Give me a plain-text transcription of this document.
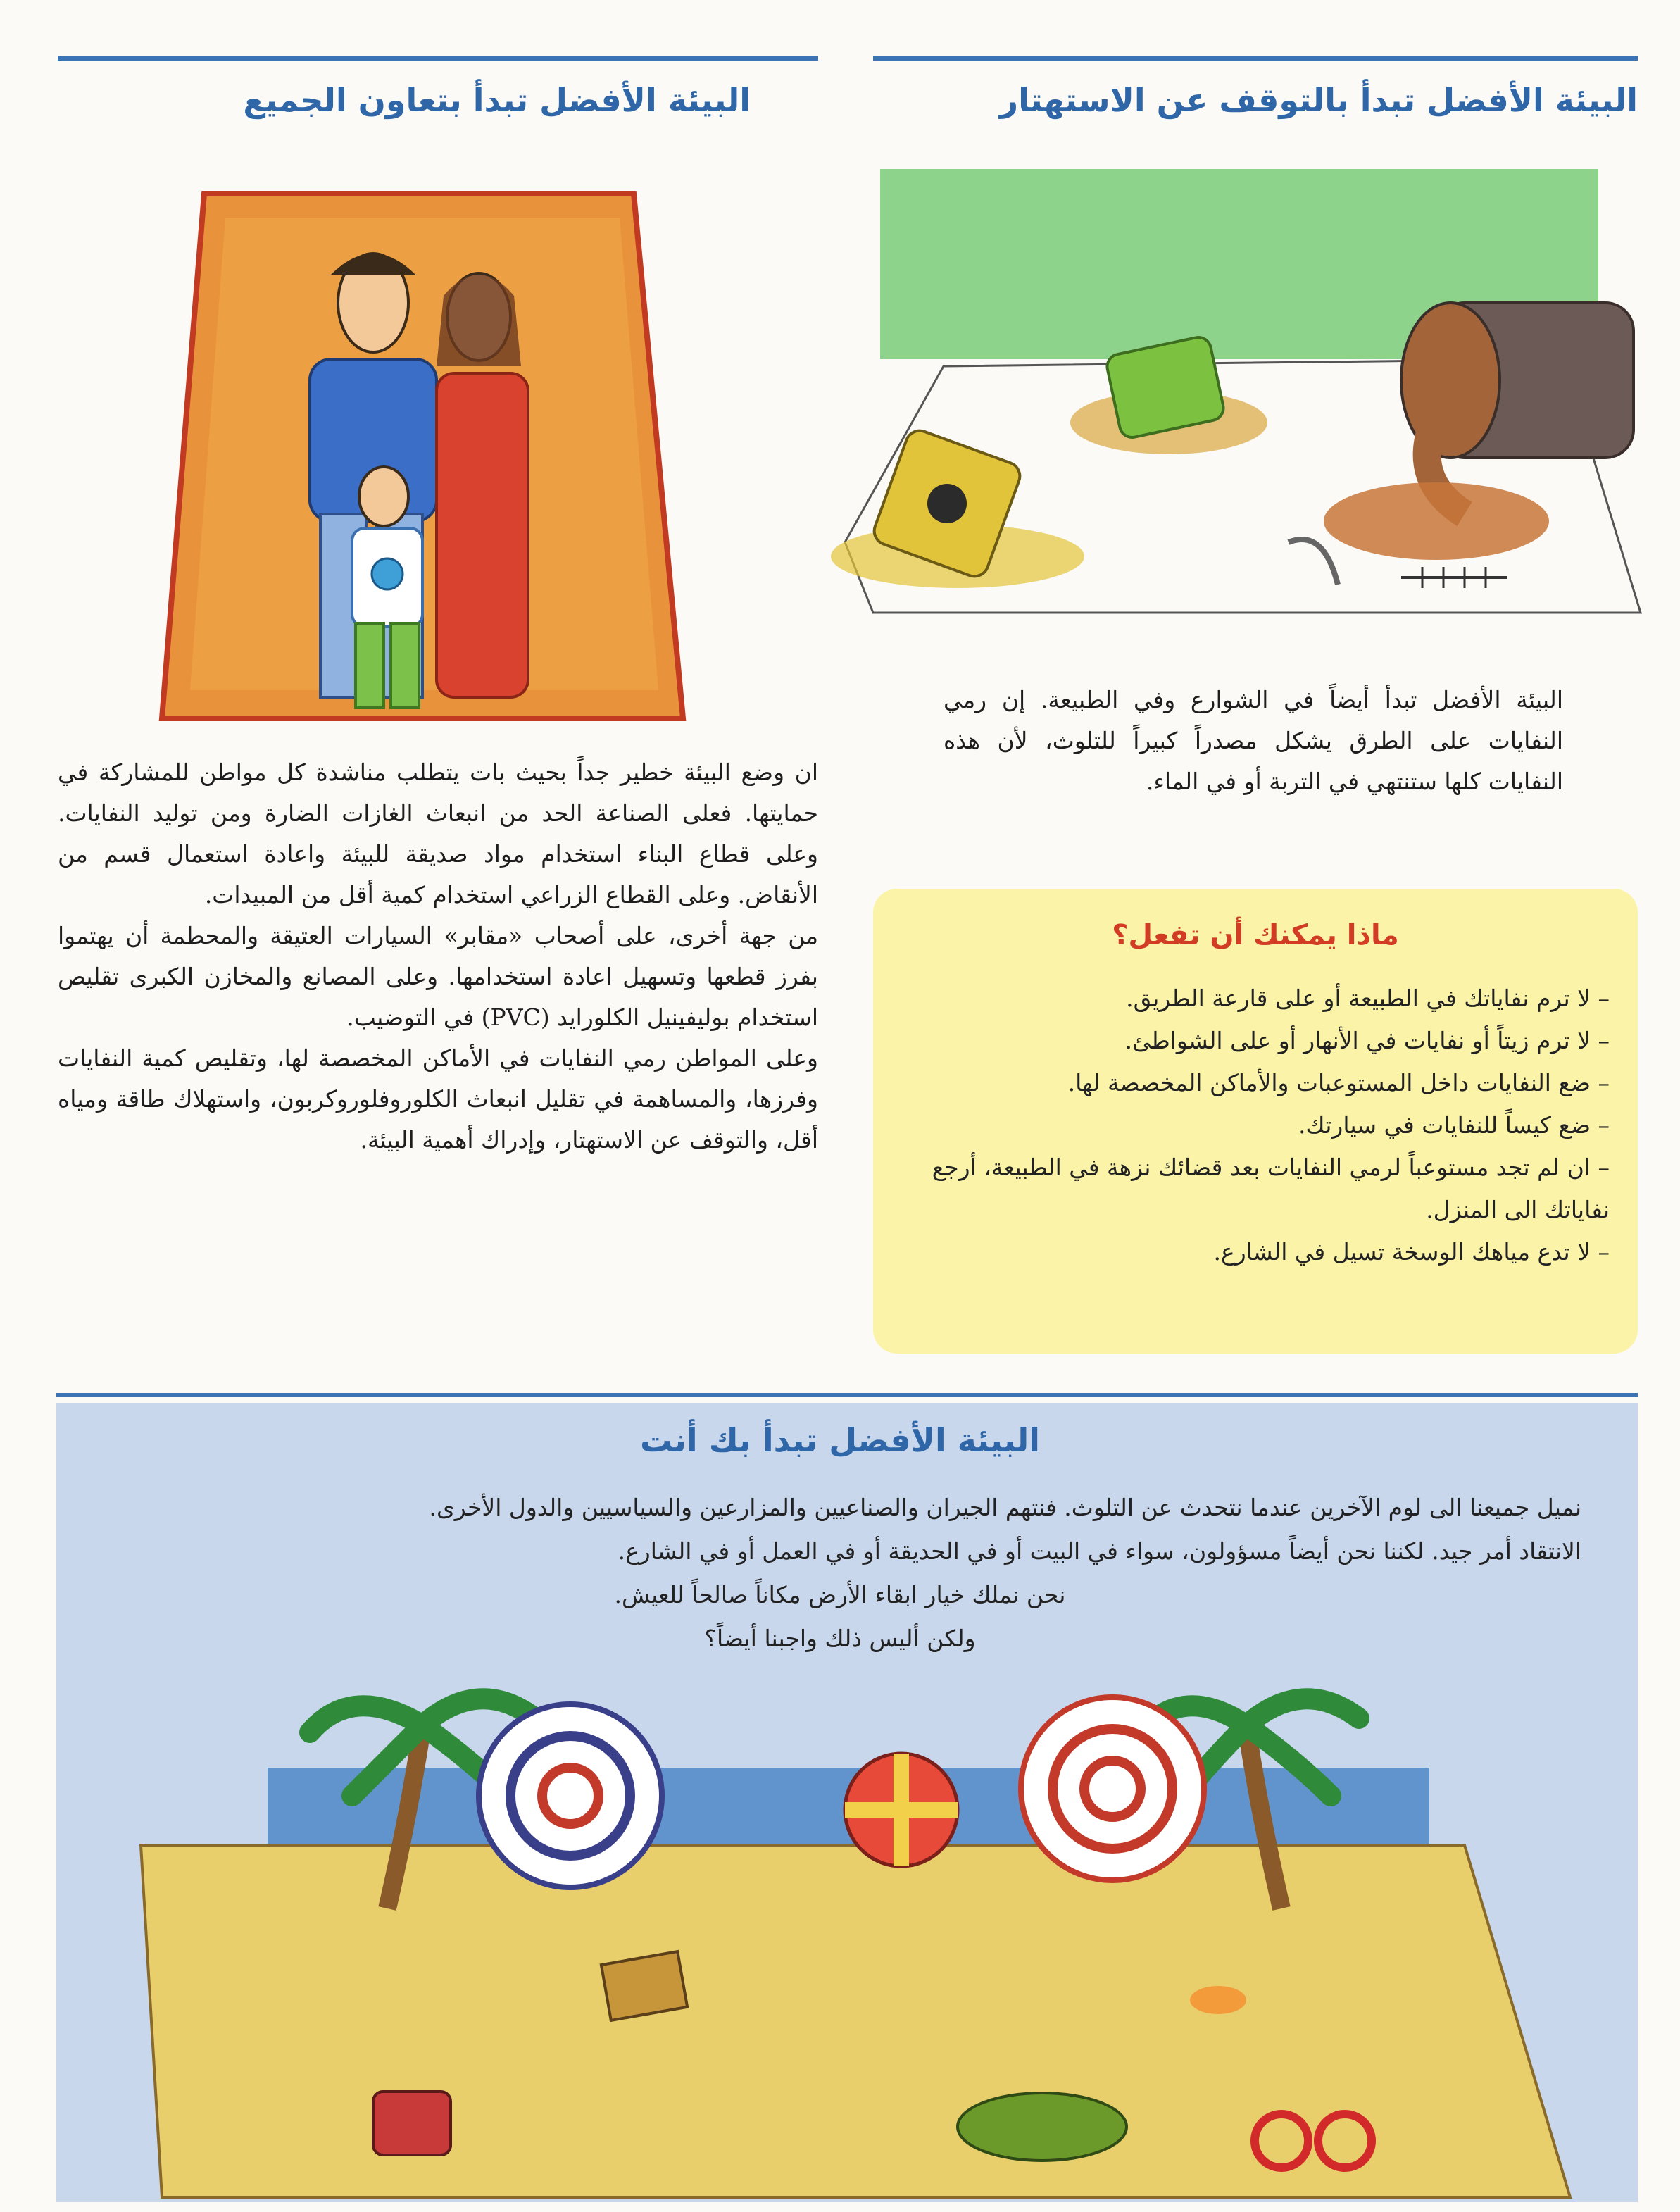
البيئة الأفضل تبدأ بتعاون الجميع	البيئة الأفضل تبدأ بالتوقف عن الاستهتار
البيئة الأفضل تبدأ أيضاً في الشوارع وفي الطبيعة. إن رمي النفايات على الطرق يشكل مصدراً كبيراً للتلوث، لأن هذه النفايات كلها ستنتهي في التربة أو في الماء.

ان وضع البيئة خطير جداً بحيث بات يتطلب مناشدة كل مواطن للمشاركة في حمايتها. فعلى الصناعة الحد من انبعاث الغازات الضارة ومن توليد النفايات. وعلى قطاع البناء استخدام مواد صديقة للبيئة واعادة استعمال قسم من الأنقاض. وعلى القطاع الزراعي استخدام كمية أقل من المبيدات.

من جهة أخرى، على أصحاب «مقابر» السيارات العتيقة والمحطمة أن يهتموا بفرز قطعها وتسهيل اعادة استخدامها. وعلى المصانع والمخازن الكبرى تقليص استخدام بوليفينيل الكلورايد (PVC) في التوضيب.

وعلى المواطن رمي النفايات في الأماكن المخصصة لها، وتقليص كمية النفايات وفرزها، والمساهمة في تقليل انبعاث الكلوروفلوروكربون، واستهلاك طاقة ومياه أقل، والتوقف عن الاستهتار، وإدراك أهمية البيئة.

ماذا يمكنك أن تفعل؟
– لا ترم نفاياتك في الطبيعة أو على قارعة الطريق.
– لا ترم زيتاً أو نفايات في الأنهار أو على الشواطئ.
– ضع النفايات داخل المستوعبات والأماكن المخصصة لها.
– ضع كيساً للنفايات في سيارتك.
– ان لم تجد مستوعباً لرمي النفايات بعد قضائك نزهة في الطبيعة، أرجع نفاياتك الى المنزل.
– لا تدع مياهك الوسخة تسيل في الشارع.
البيئة الأفضل تبدأ بك أنت

نميل جميعنا الى لوم الآخرين عندما نتحدث عن التلوث. فنتهم الجيران والصناعيين والمزارعين والسياسيين والدول الأخرى.

الانتقاد أمر جيد. لكننا نحن أيضاً مسؤولون، سواء في البيت أو في الحديقة أو في العمل أو في الشارع.

نحن نملك خيار ابقاء الأرض مكاناً صالحاً للعيش.

ولكن أليس ذلك واجبنا أيضاً؟
